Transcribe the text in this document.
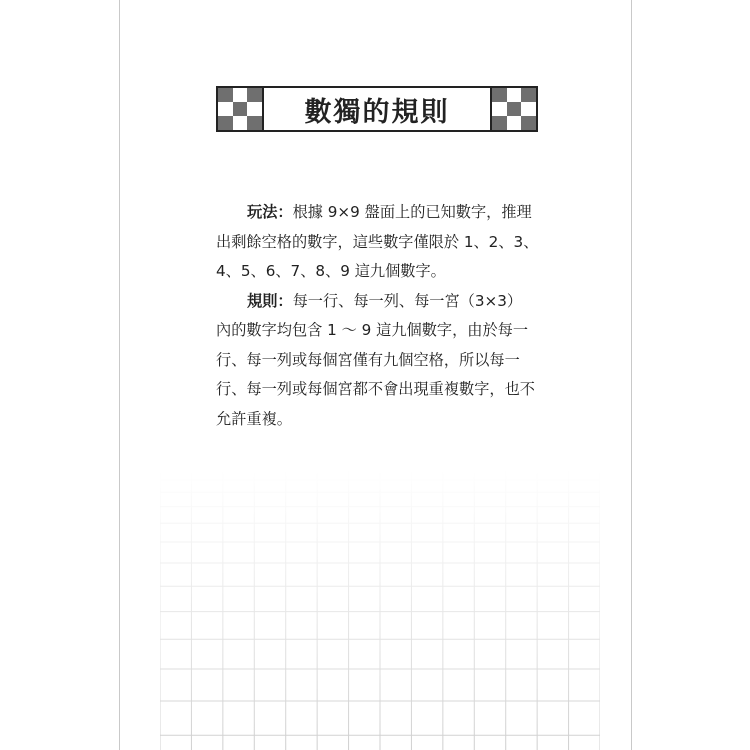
數獨的規則
玩法：根據 9×9 盤面上的已知數字，推理
出剩餘空格的數字，這些數字僅限於 1、2、3、
4、5、6、7、8、9 這九個數字。
規則：每一行、每一列、每一宮（3×3）
內的數字均包含 1 ～ 9 這九個數字，由於每一
行、每一列或每個宮僅有九個空格，所以每一
行、每一列或每個宮都不會出現重複數字，也不
允許重複。
